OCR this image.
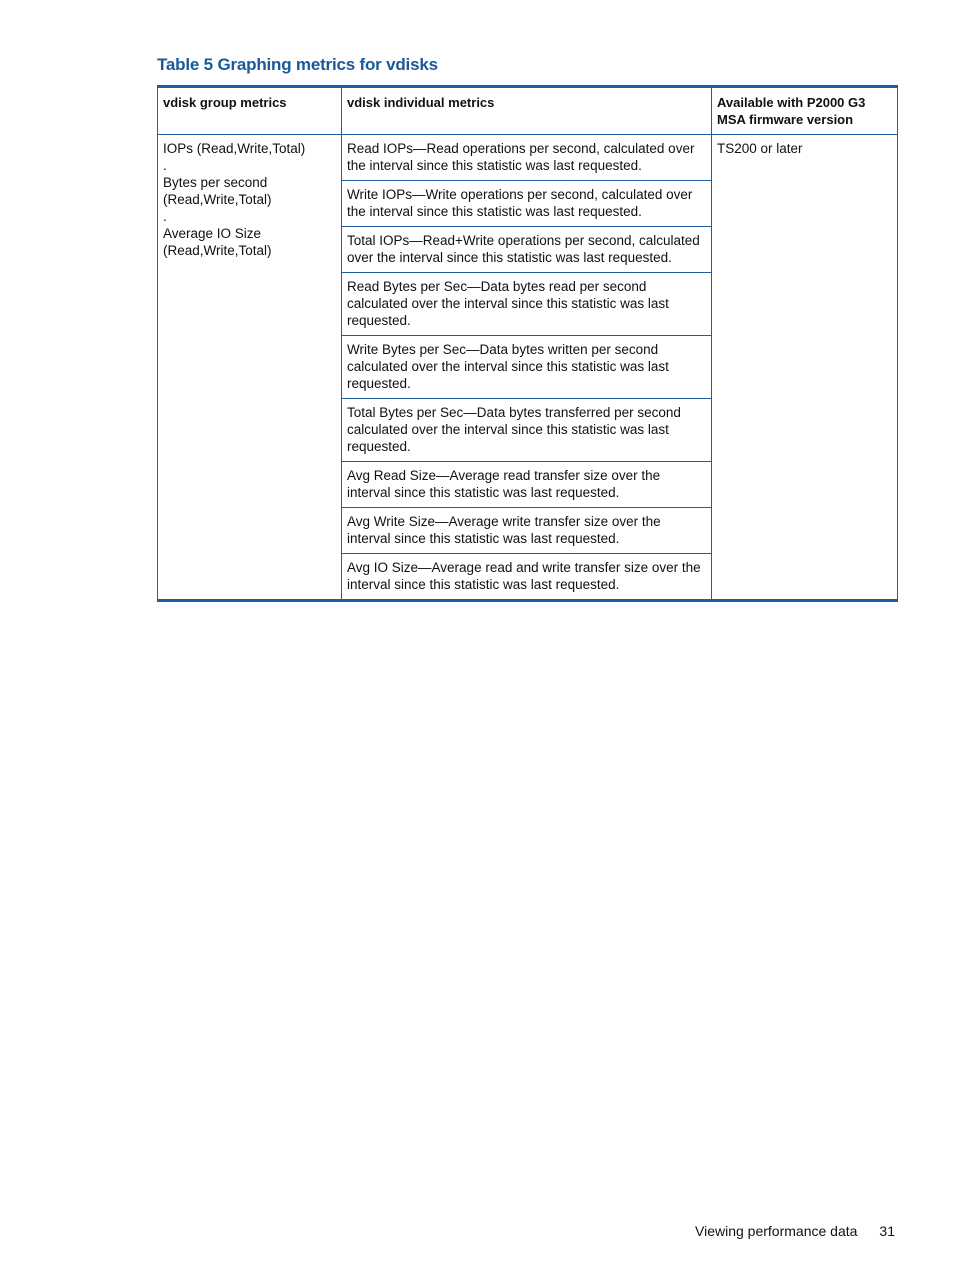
Table 5 Graphing metrics for vdisks
vdisk group metrics	vdisk individual metrics	Available with P2000 G3 MSA firmware version

IOPs (Read,Write,Total)
.
Bytes per second (Read,Write,Total)
.
Average IO Size (Read,Write,Total)	Read IOPs—Read operations per second, calculated over the interval since this statistic was last requested.	TS200 or later
	Write IOPs—Write operations per second, calculated over the interval since this statistic was last requested.	
	Total IOPs—Read+Write operations per second, calculated over the interval since this statistic was last requested.	
	Read Bytes per Sec—Data bytes read per second calculated over the interval since this statistic was last requested.	
	Write Bytes per Sec—Data bytes written per second calculated over the interval since this statistic was last requested.	
	Total Bytes per Sec—Data bytes transferred per second calculated over the interval since this statistic was last requested.	
	Avg Read Size—Average read transfer size over the interval since this statistic was last requested.	
	Avg Write Size—Average write transfer size over the interval since this statistic was last requested.	
	Avg IO Size—Average read and write transfer size over the interval since this statistic was last requested.	
Viewing performance data 31
